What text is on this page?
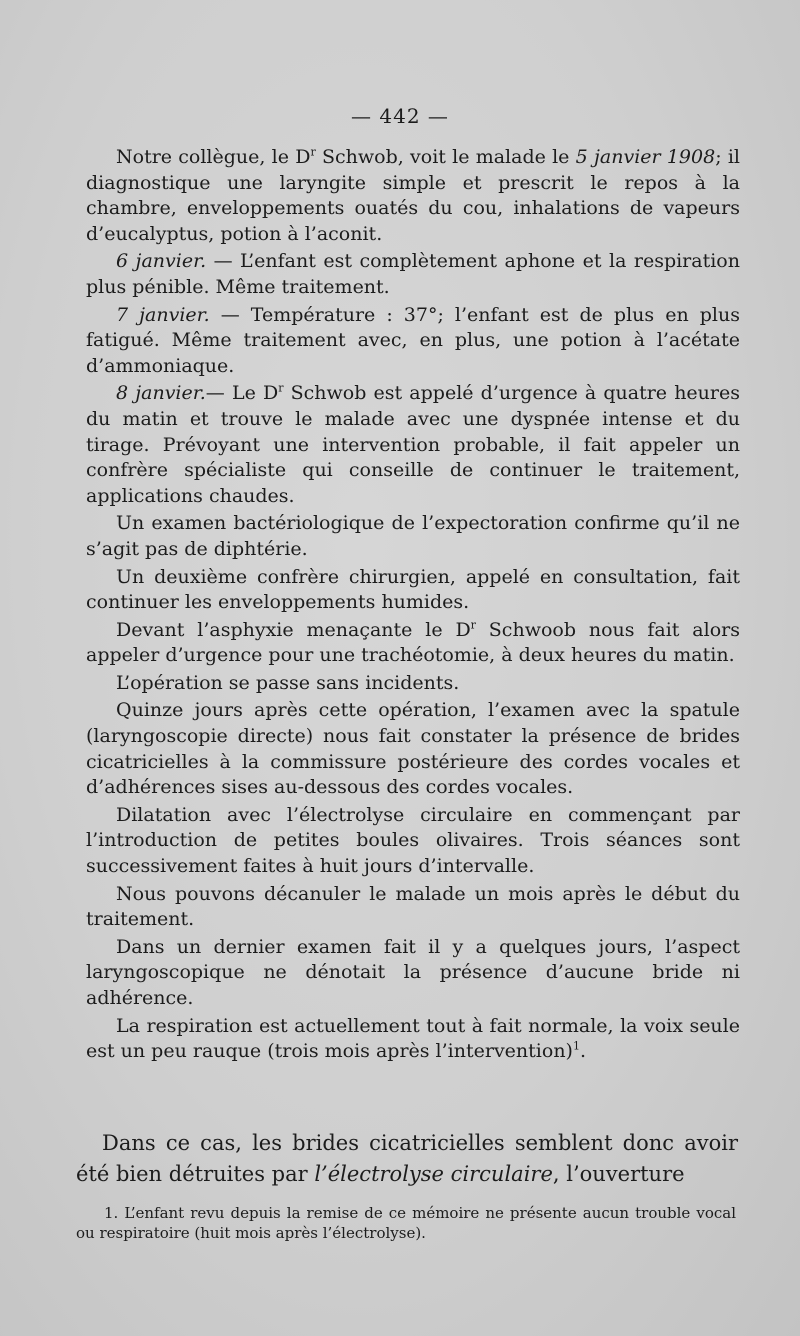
— 442 —

Notre collègue, le $D^r$ Schwob, voit le malade le 5 janvier 1908; il diagnostique une laryngite simple et prescrit le repos à la chambre, enveloppements ouatés du cou, inhalations de vapeurs d’eucalyptus, potion à l’aconit.

6 janvier. — L’enfant est complètement aphone et la respiration plus pénible. Même traitement.

7 janvier. — Température : 37°; l’enfant est de plus en plus fatigué. Même traitement avec, en plus, une potion à l’acétate d’ammoniaque.

8 janvier.— Le $D^r$ Schwob est appelé d’urgence à quatre heures du matin et trouve le malade avec une dyspnée intense et du tirage. Prévoyant une intervention probable, il fait appeler un confrère spécialiste qui conseille de continuer le traitement, applications chaudes.

Un examen bactériologique de l’expectoration confirme qu’il ne s’agit pas de diphtérie.

Un deuxième confrère chirurgien, appelé en consultation, fait continuer les enveloppements humides.

Devant l’asphyxie menaçante le $D^r$ Schwoob nous fait alors appeler d’urgence pour une trachéotomie, à deux heures du matin.

L’opération se passe sans incidents.

Quinze jours après cette opération, l’examen avec la spatule (laryngoscopie directe) nous fait constater la présence de brides cicatricielles à la commissure postérieure des cordes vocales et d’adhérences sises au-dessous des cordes vocales.

Dilatation avec l’électrolyse circulaire en commençant par l’introduction de petites boules olivaires. Trois séances sont successivement faites à huit jours d’intervalle.

Nous pouvons décanuler le malade un mois après le début du traitement.

Dans un dernier examen fait il y a quelques jours, l’aspect laryngoscopique ne dénotait la présence d’aucune bride ni adhérence.

La respiration est actuellement tout à fait normale, la voix seule est un peu rauque (trois mois après l’intervention)$^1$.

Dans ce cas, les brides cicatricielles semblent donc avoir été bien détruites par l’électrolyse circulaire, l’ouverture

1. L’enfant revu depuis la remise de ce mémoire ne présente aucun trouble vocal ou respiratoire (huit mois après l’électrolyse).
